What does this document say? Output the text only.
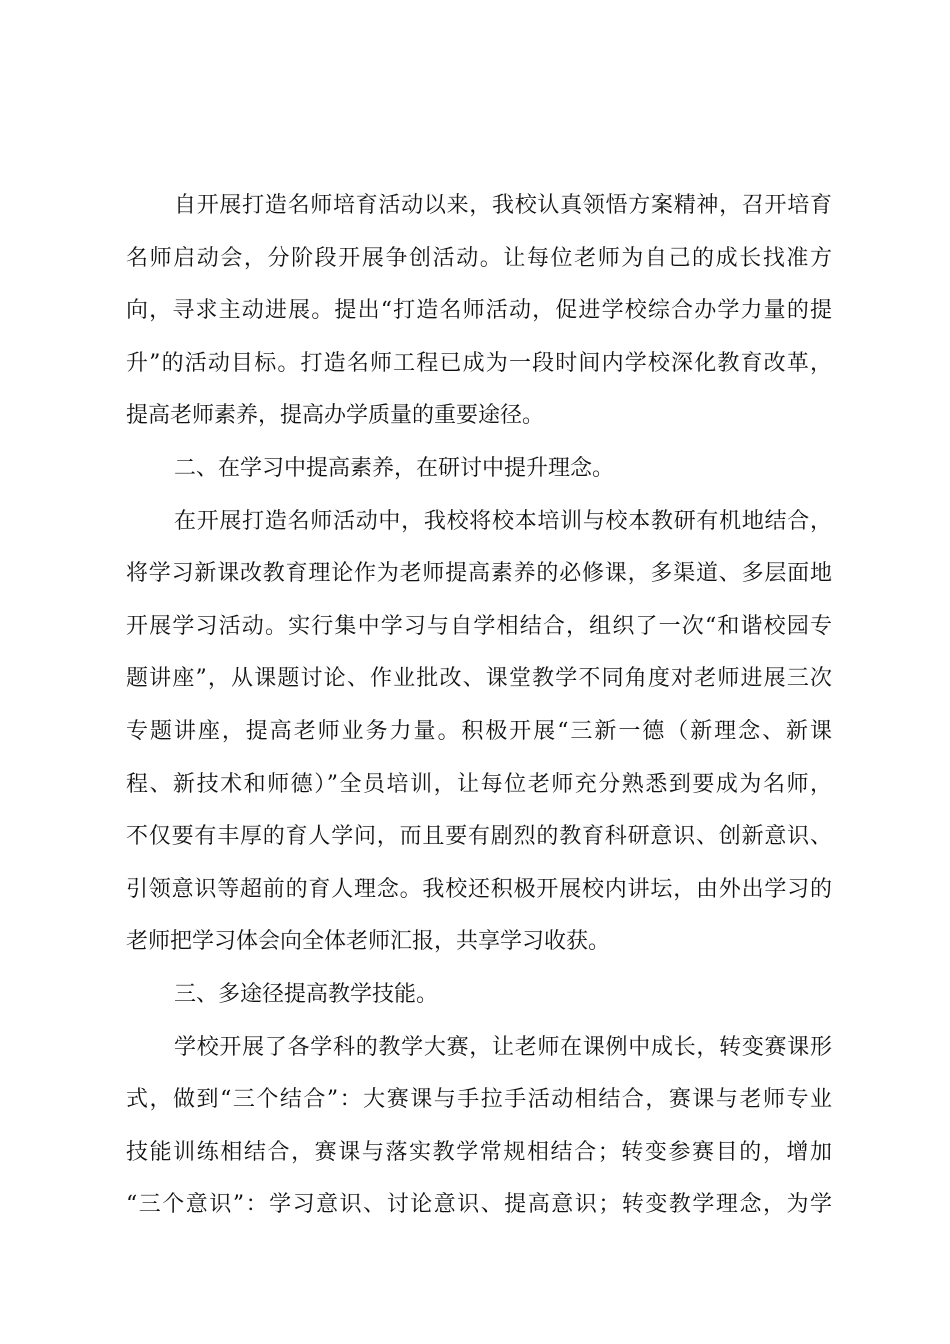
自开展打造名师培育活动以来，我校认真领悟方案精神，召开培育
名师启动会，分阶段开展争创活动。让每位老师为自己的成长找准方
向，寻求主动进展。提出“打造名师活动，促进学校综合办学力量的提
升”的活动目标。打造名师工程已成为一段时间内学校深化教育改革，
提高老师素养，提高办学质量的重要途径。
二、在学习中提高素养，在研讨中提升理念。
在开展打造名师活动中，我校将校本培训与校本教研有机地结合，
将学习新课改教育理论作为老师提高素养的必修课，多渠道、多层面地
开展学习活动。实行集中学习与自学相结合，组织了一次“和谐校园专
题讲座”，从课题讨论、作业批改、课堂教学不同角度对老师进展三次
专题讲座，提高老师业务力量。积极开展“三新一德（新理念、新课
程、新技术和师德）”全员培训，让每位老师充分熟悉到要成为名师，
不仅要有丰厚的育人学问，而且要有剧烈的教育科研意识、创新意识、
引领意识等超前的育人理念。我校还积极开展校内讲坛，由外出学习的
老师把学习体会向全体老师汇报，共享学习收获。
三、多途径提高教学技能。
学校开展了各学科的教学大赛，让老师在课例中成长，转变赛课形
式，做到“三个结合”：大赛课与手拉手活动相结合，赛课与老师专业
技能训练相结合，赛课与落实教学常规相结合；转变参赛目的，增加
“三个意识”：学习意识、讨论意识、提高意识；转变教学理念，为学
